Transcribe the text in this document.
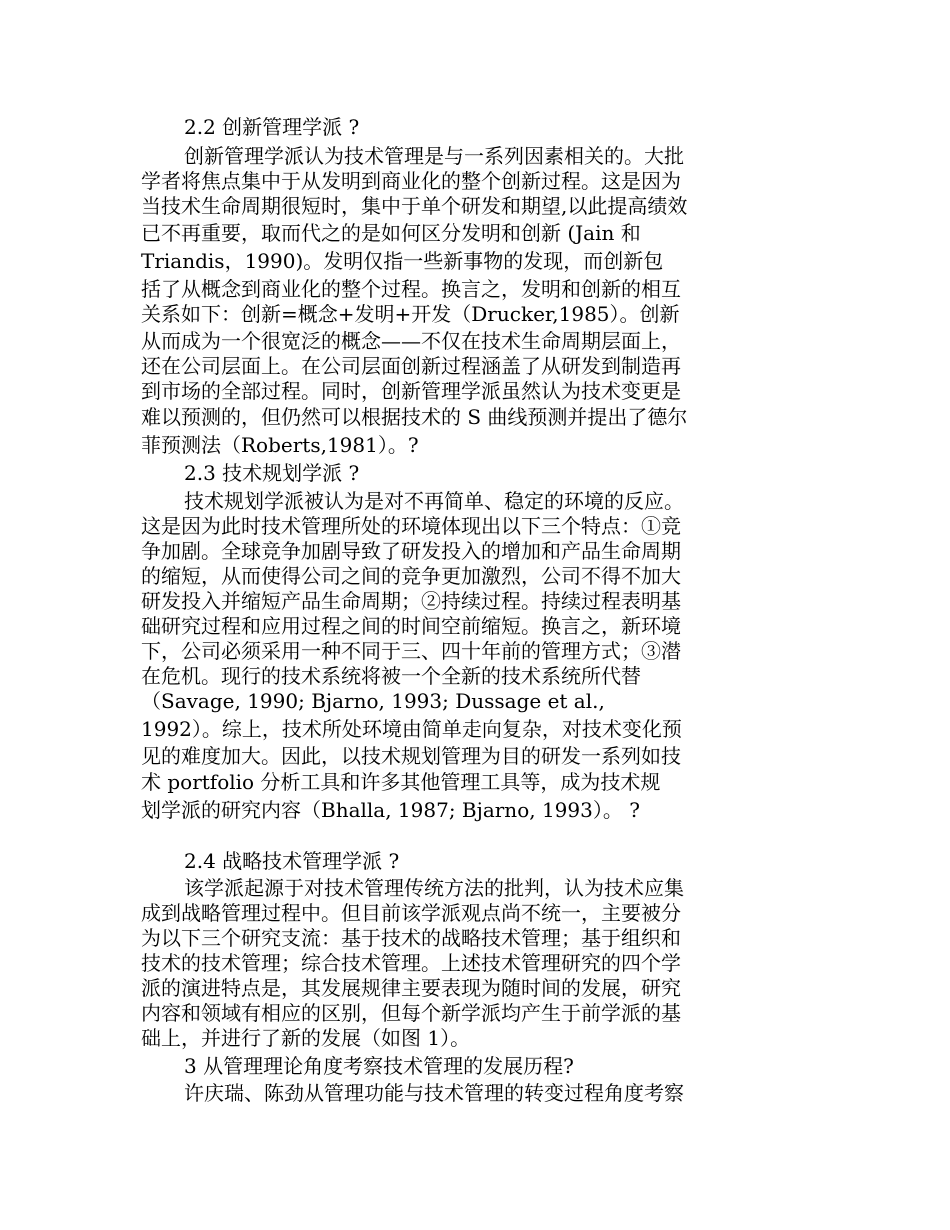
2.2 创新管理学派 ?
创新管理学派认为技术管理是与一系列因素相关的。大批
学者将焦点集中于从发明到商业化的整个创新过程。这是因为
当技术生命周期很短时，集中于单个研发和期望,以此提高绩效
已不再重要，取而代之的是如何区分发明和创新 (Jain 和
Triandis，1990)。发明仅指一些新事物的发现，而创新包
括了从概念到商业化的整个过程。换言之，发明和创新的相互
关系如下：创新=概念+发明+开发（Drucker,1985）。创新
从而成为一个很宽泛的概念——不仅在技术生命周期层面上，
还在公司层面上。在公司层面创新过程涵盖了从研发到制造再
到市场的全部过程。同时，创新管理学派虽然认为技术变更是
难以预测的，但仍然可以根据技术的 S 曲线预测并提出了德尔
菲预测法（Roberts,1981）。?
2.3 技术规划学派 ?
技术规划学派被认为是对不再简单、稳定的环境的反应。
这是因为此时技术管理所处的环境体现出以下三个特点：①竞
争加剧。全球竞争加剧导致了研发投入的增加和产品生命周期
的缩短，从而使得公司之间的竞争更加激烈，公司不得不加大
研发投入并缩短产品生命周期；②持续过程。持续过程表明基
础研究过程和应用过程之间的时间空前缩短。换言之，新环境
下，公司必须采用一种不同于三、四十年前的管理方式；③潜
在危机。现行的技术系统将被一个全新的技术系统所代替
（Savage, 1990; Bjarno, 1993; Dussage et al.,
1992）。综上，技术所处环境由简单走向复杂，对技术变化预
见的难度加大。因此，以技术规划管理为目的研发一系列如技
术 portfolio 分析工具和许多其他管理工具等，成为技术规
划学派的研究内容（Bhalla, 1987; Bjarno, 1993）。 ?
2.4 战略技术管理学派 ?
该学派起源于对技术管理传统方法的批判，认为技术应集
成到战略管理过程中。但目前该学派观点尚不统一，主要被分
为以下三个研究支流：基于技术的战略技术管理；基于组织和
技术的技术管理；综合技术管理。上述技术管理研究的四个学
派的演进特点是，其发展规律主要表现为随时间的发展，研究
内容和领域有相应的区别，但每个新学派均产生于前学派的基
础上，并进行了新的发展（如图 1）。
3 从管理理论角度考察技术管理的发展历程?
许庆瑞、陈劲从管理功能与技术管理的转变过程角度考察
